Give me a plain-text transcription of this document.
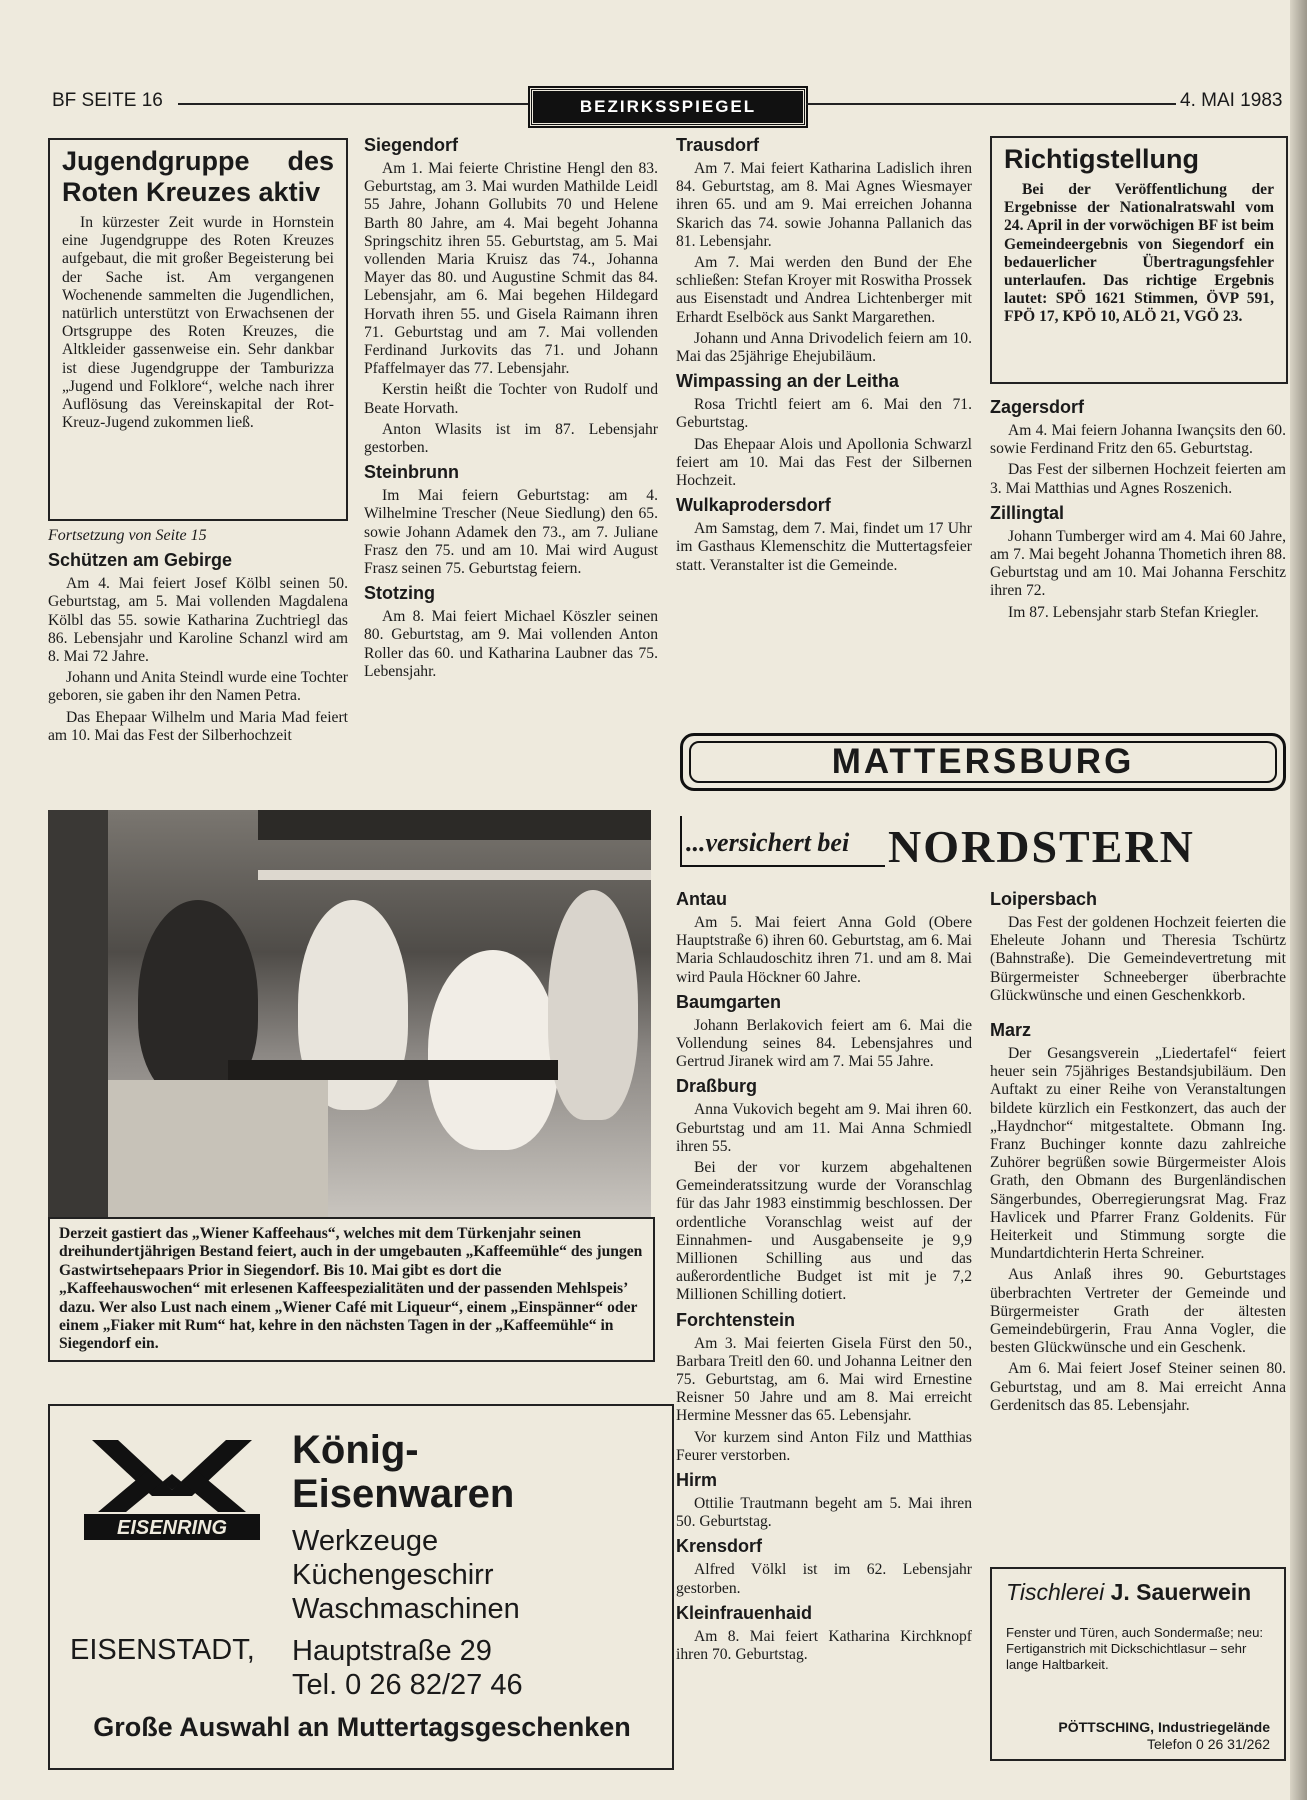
BF SEITE 16	BEZIRKSSPIEGEL	4. MAI 1983
Jugendgruppe des Roten Kreuzes aktiv

In kürzester Zeit wurde in Hornstein eine Jugendgruppe des Roten Kreuzes aufgebaut, die mit großer Begeisterung bei der Sache ist. Am vergangenen Wochenende sammelten die Jugendlichen, natürlich unterstützt von Erwachsenen der Ortsgruppe des Roten Kreuzes, die Altkleider gassenweise ein. Sehr dankbar ist diese Jugendgruppe der Tamburizza „Jugend und Folklore“, welche nach ihrer Auflösung das Vereinskapital der Rot-Kreuz-Jugend zukommen ließ.

Fortsetzung von Seite 15
Schützen am Gebirge

Am 4. Mai feiert Josef Kölbl seinen 50. Geburtstag, am 5. Mai vollenden Magdalena Kölbl das 55. sowie Katharina Zuchtriegl das 86. Lebensjahr und Karoline Schanzl wird am 8. Mai 72 Jahre.

Johann und Anita Steindl wurde eine Tochter geboren, sie gaben ihr den Namen Petra.

Das Ehepaar Wilhelm und Maria Mad feiert am 10. Mai das Fest der Silberhochzeit

Siegendorf

Am 1. Mai feierte Christine Hengl den 83. Geburtstag, am 3. Mai wurden Mathilde Leidl 55 Jahre, Johann Gollubits 70 und Helene Barth 80 Jahre, am 4. Mai begeht Johanna Springschitz ihren 55. Geburtstag, am 5. Mai vollenden Maria Kruisz das 74., Johanna Mayer das 80. und Augustine Schmit das 84. Lebensjahr, am 6. Mai begehen Hildegard Horvath ihren 55. und Gisela Raimann ihren 71. Geburtstag und am 7. Mai vollenden Ferdinand Jurkovits das 71. und Johann Pfaffelmayer das 77. Lebensjahr.

Kerstin heißt die Tochter von Rudolf und Beate Horvath.

Anton Wlasits ist im 87. Lebensjahr gestorben.

Steinbrunn

Im Mai feiern Geburtstag: am 4. Wilhelmine Trescher (Neue Siedlung) den 65. sowie Johann Adamek den 73., am 7. Juliane Frasz den 75. und am 10. Mai wird August Frasz seinen 75. Geburtstag feiern.

Stotzing

Am 8. Mai feiert Michael Köszler seinen 80. Geburtstag, am 9. Mai vollenden Anton Roller das 60. und Katharina Laubner das 75. Lebensjahr.

Trausdorf

Am 7. Mai feiert Katharina Ladislich ihren 84. Geburtstag, am 8. Mai Agnes Wiesmayer ihren 65. und am 9. Mai erreichen Johanna Skarich das 74. sowie Johanna Pallanich das 81. Lebensjahr.

Am 7. Mai werden den Bund der Ehe schließen: Stefan Kroyer mit Roswitha Prossek aus Eisenstadt und Andrea Lichtenberger mit Erhardt Eselböck aus Sankt Margarethen.

Johann und Anna Drivodelich feiern am 10. Mai das 25jährige Ehejubiläum.

Wimpassing an der Leitha

Rosa Trichtl feiert am 6. Mai den 71. Geburtstag.

Das Ehepaar Alois und Apollonia Schwarzl feiert am 10. Mai das Fest der Silbernen Hochzeit.

Wulkaprodersdorf

Am Samstag, dem 7. Mai, findet um 17 Uhr im Gasthaus Klemenschitz die Muttertagsfeier statt. Veranstalter ist die Gemeinde.

Richtigstellung

Bei der Veröffentlichung der Ergebnisse der Nationalratswahl vom 24. April in der vorwöchigen BF ist beim Gemeindeergebnis von Siegendorf ein bedauerlicher Übertragungsfehler unterlaufen. Das richtige Ergebnis lautet: SPÖ 1621 Stimmen, ÖVP 591, FPÖ 17, KPÖ 10, ALÖ 21, VGÖ 23.

Zagersdorf

Am 4. Mai feiern Johanna Iwançsits den 60. sowie Ferdinand Fritz den 65. Geburtstag.

Das Fest der silbernen Hochzeit feierten am 3. Mai Matthias und Agnes Roszenich.

Zillingtal

Johann Tumberger wird am 4. Mai 60 Jahre, am 7. Mai begeht Johanna Thometich ihren 88. Geburtstag und am 10. Mai Johanna Ferschitz ihren 72.

Im 87. Lebensjahr starb Stefan Kriegler.

Derzeit gastiert das „Wiener Kaffeehaus“, welches mit dem Türkenjahr seinen dreihundertjährigen Bestand feiert, auch in der umgebauten „Kaffeemühle“ des jungen Gastwirtsehepaars Prior in Siegendorf. Bis 10. Mai gibt es dort die „Kaffeehauswochen“ mit erlesenen Kaffeespezialitäten und der passenden Mehlspeis’ dazu. Wer also Lust nach einem „Wiener Café mit Liqueur“, einem „Einspänner“ oder einem „Fiaker mit Rum“ hat, kehre in den nächsten Tagen in der „Kaffeemühle“ in Siegendorf ein.
MATTERSBURG
...versichert bei NORDSTERN
Antau

Am 5. Mai feiert Anna Gold (Obere Hauptstraße 6) ihren 60. Geburtstag, am 6. Mai Maria Schlaudoschitz ihren 71. und am 8. Mai wird Paula Höckner 60 Jahre.

Baumgarten

Johann Berlakovich feiert am 6. Mai die Vollendung seines 84. Lebensjahres und Gertrud Jiranek wird am 7. Mai 55 Jahre.

Draßburg

Anna Vukovich begeht am 9. Mai ihren 60. Geburtstag und am 11. Mai Anna Schmiedl ihren 55.

Bei der vor kurzem abgehaltenen Gemeinderatssitzung wurde der Voranschlag für das Jahr 1983 einstimmig beschlossen. Der ordentliche Voranschlag weist auf der Einnahmen- und Ausgabenseite je 9,9 Millionen Schilling aus und das außerordentliche Budget ist mit je 7,2 Millionen Schilling dotiert.

Forchtenstein

Am 3. Mai feierten Gisela Fürst den 50., Barbara Treitl den 60. und Johanna Leitner den 75. Geburtstag, am 6. Mai wird Ernestine Reisner 50 Jahre und am 8. Mai erreicht Hermine Messner das 65. Lebensjahr.

Vor kurzem sind Anton Filz und Matthias Feurer verstorben.

Hirm

Ottilie Trautmann begeht am 5. Mai ihren 50. Geburtstag.

Krensdorf

Alfred Völkl ist im 62. Lebensjahr gestorben.

Kleinfrauenhaid

Am 8. Mai feiert Katharina Kirchknopf ihren 70. Geburtstag.

Loipersbach

Das Fest der goldenen Hochzeit feierten die Eheleute Johann und Theresia Tschürtz (Bahnstraße). Die Gemeindevertretung mit Bürgermeister Schneeberger überbrachte Glückwünsche und einen Geschenkkorb.

Marz

Der Gesangsverein „Liedertafel“ feiert heuer sein 75jähriges Bestandsjubiläum. Den Auftakt zu einer Reihe von Veranstaltungen bildete kürzlich ein Festkonzert, das auch der „Haydnchor“ mitgestaltete. Obmann Ing. Franz Buchinger konnte dazu zahlreiche Zuhörer begrüßen sowie Bürgermeister Alois Grath, den Obmann des Burgenländischen Sängerbundes, Oberregierungsrat Mag. Fraz Havlicek und Pfarrer Franz Goldenits. Für Heiterkeit und Stimmung sorgte die Mundartdichterin Herta Schreiner.

Aus Anlaß ihres 90. Geburtstages überbrachten Vertreter der Gemeinde und Bürgermeister Grath der ältesten Gemeindebürgerin, Frau Anna Vogler, die besten Glückwünsche und ein Geschenk.

Am 6. Mai feiert Josef Steiner seinen 80. Geburtstag, und am 8. Mai erreicht Anna Gerdenitsch das 85. Lebensjahr.

EISENRING
König-
Eisenwaren
Werkzeuge
Küchengeschirr
Waschmaschinen
EISENSTADT, Hauptstraße 29
Tel. 0 26 82/27 46
Große Auswahl an Muttertagsgeschenken
Tischlerei J. Sauerwein
Fenster und Türen, auch Sondermaße; neu: Fertiganstrich mit Dickschichtlasur – sehr lange Haltbarkeit.
PÖTTSCHING, Industriegelände
Telefon 0 26 31/262
